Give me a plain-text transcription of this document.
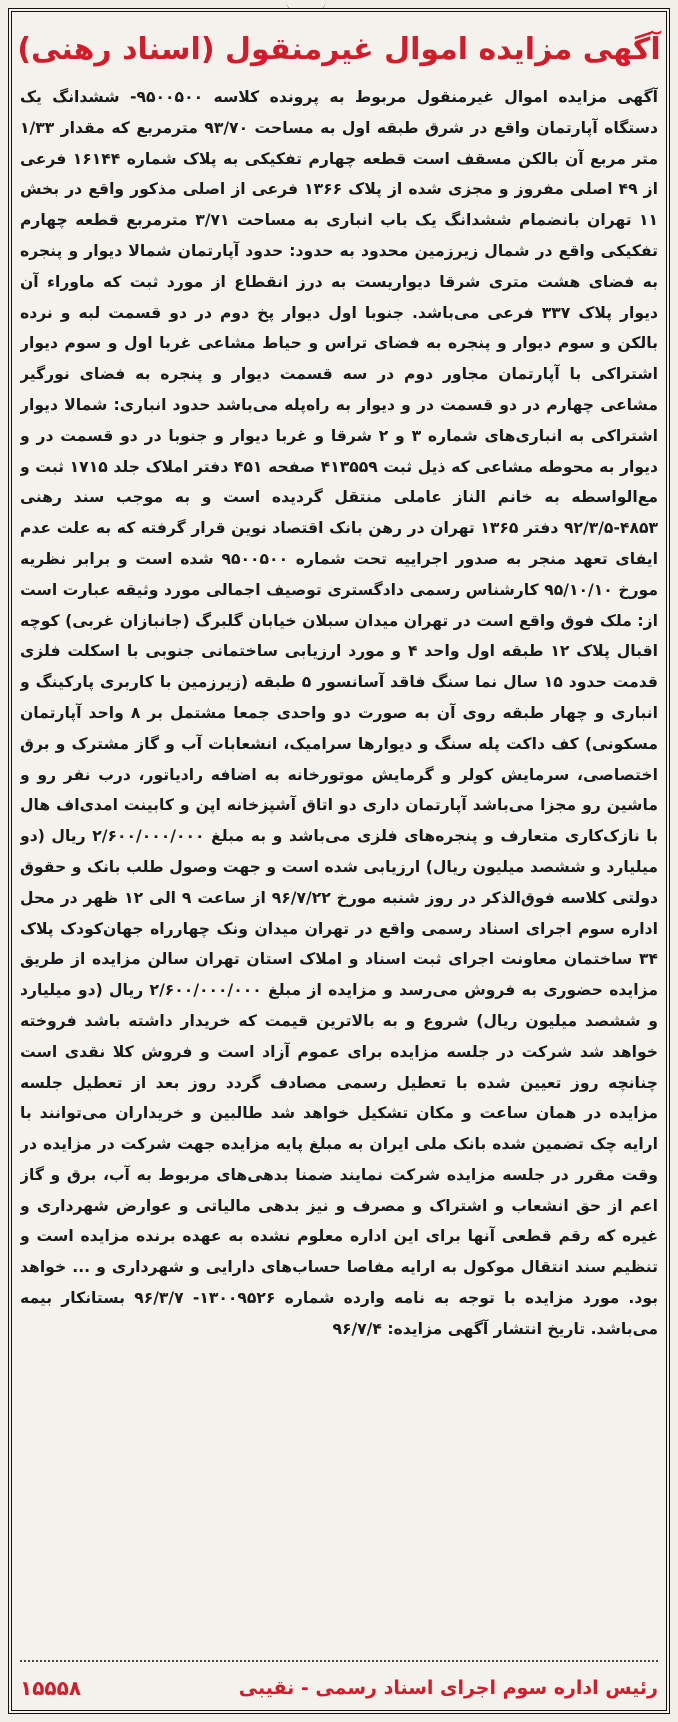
آگهی مزایده اموال غیرمنقول (اسناد رهنی)
آگهی مزایده اموال غیرمنقول مربوط به پرونده کلاسه ۹۵۰۰۵۰۰- ششدانگ یک دستگاه آپارتمان واقع در شرق طبقه اول به مساحت ۹۳/۷۰ مترمربع که مقدار ۱/۳۳ متر مربع آن بالکن مسقف است قطعه چهارم تفکیکی به پلاک شماره ۱۶۱۴۴ فرعی از ۴۹ اصلی مفروز و مجزی شده از پلاک ۱۳۶۶ فرعی از اصلی مذکور واقع در بخش ۱۱ تهران بانضمام ششدانگ یک باب انباری به مساحت ۳/۷۱ مترمربع قطعه چهارم تفکیکی واقع در شمال زیرزمین محدود به حدود: حدود آپارتمان شمالا دیوار و پنجره به فضای هشت متری شرقا دیواریست به درز انقطاع از مورد ثبت که ماوراء آن دیوار پلاک ۳۳۷ فرعی می‌باشد. جنوبا اول دیوار پخ دوم در دو قسمت لبه و نرده بالکن و سوم دیوار و پنجره به فضای تراس و حیاط مشاعی غربا اول و سوم دیوار اشتراکی با آپارتمان مجاور دوم در سه قسمت دیوار و پنجره به فضای نورگیر مشاعی چهارم در دو قسمت در و دیوار به راه‌پله می‌باشد حدود انباری: شمالا دیوار اشتراکی به انباری‌های شماره ۳ و ۲ شرقا و غربا دیوار و جنوبا در دو قسمت در و دیوار به محوطه مشاعی که ذیل ثبت ۴۱۳۵۵۹ صفحه ۴۵۱ دفتر املاک جلد ۱۷۱۵ ثبت و مع‌الواسطه به خانم الناز عاملی منتقل گردیده است و به موجب سند رهنی ۴۸۵۳-۹۲/۳/۵ دفتر ۱۳۶۵ تهران در رهن بانک اقتصاد نوین قرار گرفته که به علت عدم ایفای تعهد منجر به صدور اجراییه تحت شماره ۹۵۰۰۵۰۰ شده است و برابر نظریه مورخ ۹۵/۱۰/۱۰ کارشناس رسمی دادگستری توصیف اجمالی مورد وثیقه عبارت است از: ملک فوق واقع است در تهران میدان سبلان خیابان گلبرگ (جانبازان غربی) کوچه اقبال پلاک ۱۲ طبقه اول واحد ۴ و مورد ارزیابی ساختمانی جنوبی با اسکلت فلزی قدمت حدود ۱۵ سال نما سنگ فاقد آسانسور ۵ طبقه (زیرزمین با کاربری پارکینگ و انباری و چهار طبقه روی آن به صورت دو واحدی جمعا مشتمل بر ۸ واحد آپارتمان مسکونی) کف داکت پله سنگ و دیوارها سرامیک، انشعابات آب و گاز مشترک و برق اختصاصی، سرمایش کولر و گرمایش موتورخانه به اضافه رادیاتور، درب نفر رو و ماشین رو مجزا می‌باشد آپارتمان داری دو اتاق آشپزخانه اپن و کابینت امدی‌اف هال با نازک‌کاری متعارف و پنجره‌های فلزی می‌باشد و به مبلغ ۲/۶۰۰/۰۰۰/۰۰۰ ریال (دو میلیارد و ششصد میلیون ریال) ارزیابی شده است و جهت وصول طلب بانک و حقوق دولتی کلاسه فوق‌الذکر در روز شنبه مورخ ۹۶/۷/۲۲ از ساعت ۹ الی ۱۲ ظهر در محل اداره سوم اجرای اسناد رسمی واقع در تهران میدان ونک چهارراه جهان‌کودک پلاک ۳۴ ساختمان معاونت اجرای ثبت اسناد و املاک استان تهران سالن مزایده از طریق مزایده حضوری به فروش می‌رسد و مزایده از مبلغ ۲/۶۰۰/۰۰۰/۰۰۰ ریال (دو میلیارد و ششصد میلیون ریال) شروع و به بالاترین قیمت که خریدار داشته باشد فروخته خواهد شد شرکت در جلسه مزایده برای عموم آزاد است و فروش کلا نقدی است چنانچه روز تعیین شده با تعطیل رسمی مصادف گردد روز بعد از تعطیل جلسه مزایده در همان ساعت و مکان تشکیل خواهد شد طالبین و خریداران می‌توانند با ارایه چک تضمین شده بانک ملی ایران به مبلغ پایه مزایده جهت شرکت در مزایده در وقت مقرر در جلسه مزایده شرکت نمایند ضمنا بدهی‌های مربوط به آب، برق و گاز اعم از حق انشعاب و اشتراک و مصرف و نیز بدهی مالیاتی و عوارض شهرداری و غیره که رقم قطعی آنها برای این اداره معلوم نشده به عهده برنده مزایده است و تنظیم سند انتقال موکول به ارایه مفاصا حساب‌های دارایی و شهرداری و ... خواهد بود. مورد مزایده با توجه به نامه وارده شماره ۱۳۰۰۹۵۲۶- ۹۶/۳/۷ بستانکار بیمه می‌باشد. تاریخ انتشار آگهی مزایده: ۹۶/۷/۴
رئیس اداره سوم اجرای اسناد رسمی - نقیبی
۱۵۵۵۸
